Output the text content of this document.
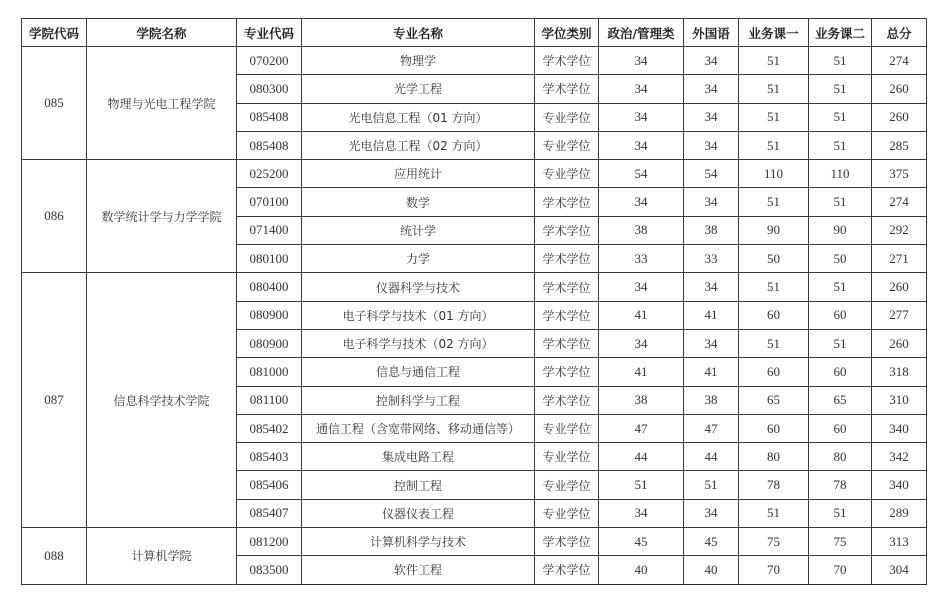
学院代码	学院名称	专业代码	专业名称	学位类别	政治/管理类	外国语	业务课一	业务课二	总分
085	物理与光电工程学院	070200	物理学	学术学位	34	34	51	51	274
		080300	光学工程	学术学位	34	34	51	51	260
		085408	光电信息工程（01 方向）	专业学位	34	34	51	51	260
		085408	光电信息工程（02 方向）	专业学位	34	34	51	51	285
086	数学统计学与力学学院	025200	应用统计	专业学位	54	54	110	110	375
		070100	数学	学术学位	34	34	51	51	274
		071400	统计学	学术学位	38	38	90	90	292
		080100	力学	学术学位	33	33	50	50	271
087	信息科学技术学院	080400	仪器科学与技术	学术学位	34	34	51	51	260
		080900	电子科学与技术（01 方向）	学术学位	41	41	60	60	277
		080900	电子科学与技术（02 方向）	学术学位	34	34	51	51	260
		081000	信息与通信工程	学术学位	41	41	60	60	318
		081100	控制科学与工程	学术学位	38	38	65	65	310
		085402	通信工程（含宽带网络、移动通信等）	专业学位	47	47	60	60	340
		085403	集成电路工程	专业学位	44	44	80	80	342
		085406	控制工程	专业学位	51	51	78	78	340
		085407	仪器仪表工程	专业学位	34	34	51	51	289
088	计算机学院	081200	计算机科学与技术	学术学位	45	45	75	75	313
		083500	软件工程	学术学位	40	40	70	70	304
